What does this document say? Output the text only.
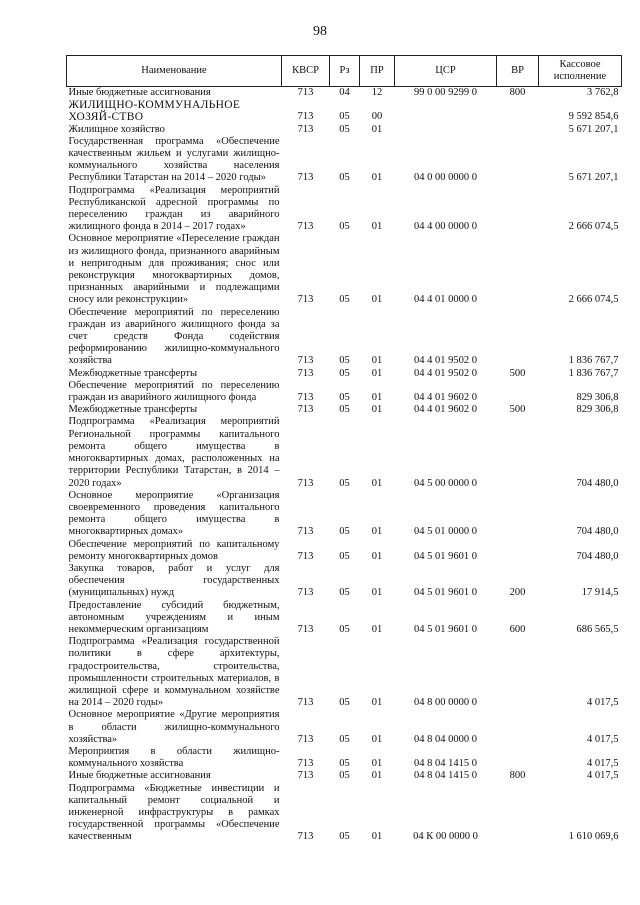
98
Наименование	КВСР	Рз	ПР	ЦСР	ВР	Кассовое исполнение
Иные бюджетные ассигнования	713	04	12	99 0 00 9299 0	800	3 762,8
ЖИЛИЩНО-КОММУНАЛЬНОЕ ХОЗЯЙ-СТВО	713	05	00			9 592 854,6
Жилищное хозяйство	713	05	01			5 671 207,1
Государственная программа «Обеспечение качественным жильем и услугами жилищно-коммунального хозяйства населения Республики Татарстан на 2014 – 2020 годы»	713	05	01	04 0 00 0000 0		5 671 207,1
Подпрограмма «Реализация мероприятий Республиканской адресной программы по переселению граждан из аварийного жилищного фонда в 2014 – 2017 годах»	713	05	01	04 4 00 0000 0		2 666 074,5
Основное мероприятие «Переселение граждан из жилищного фонда, признанного аварийным и непригодным для проживания; снос или реконструкция многоквартирных домов, признанных аварийными и подлежащими сносу или реконструкции»	713	05	01	04 4 01 0000 0		2 666 074,5
Обеспечение мероприятий по переселению граждан из аварийного жилищного фонда за счет средств Фонда содействия реформированию жилищно-коммунального хозяйства	713	05	01	04 4 01 9502 0		1 836 767,7
Межбюджетные трансферты	713	05	01	04 4 01 9502 0	500	1 836 767,7
Обеспечение мероприятий по переселению граждан из аварийного жилищного фонда	713	05	01	04 4 01 9602 0		829 306,8
Межбюджетные трансферты	713	05	01	04 4 01 9602 0	500	829 306,8
Подпрограмма «Реализация мероприятий Региональной программы капитального ремонта общего имущества в многоквартирных домах, расположенных на территории Республики Татарстан, в 2014 – 2020 годах»	713	05	01	04 5 00 0000 0		704 480,0
Основное мероприятие «Организация своевременного проведения капитального ремонта общего имущества в многоквартирных домах»	713	05	01	04 5 01 0000 0		704 480,0
Обеспечение мероприятий по капитальному ремонту многоквартирных домов	713	05	01	04 5 01 9601 0		704 480,0
Закупка товаров, работ и услуг для обеспечения государственных (муниципальных) нужд	713	05	01	04 5 01 9601 0	200	17 914,5
Предоставление субсидий бюджетным, автономным учреждениям и иным некоммерческим организациям	713	05	01	04 5 01 9601 0	600	686 565,5
Подпрограмма «Реализация государственной политики в сфере архитектуры, градостроительства, строительства, промышленности строительных материалов, в жилищной сфере и коммунальном хозяйстве на 2014 – 2020 годы»	713	05	01	04 8 00 0000 0		4 017,5
Основное мероприятие «Другие мероприятия в области жилищно-коммунального хозяйства»	713	05	01	04 8 04 0000 0		4 017,5
Мероприятия в области жилищно-коммунального хозяйства	713	05	01	04 8 04 1415 0		4 017,5
Иные бюджетные ассигнования	713	05	01	04 8 04 1415 0	800	4 017,5
Подпрограмма «Бюджетные инвестиции и капитальный ремонт социальной и инженерной инфраструктуры в рамках государственной программы «Обеспечение качественным	713	05	01	04 К 00 0000 0		1 610 069,6
